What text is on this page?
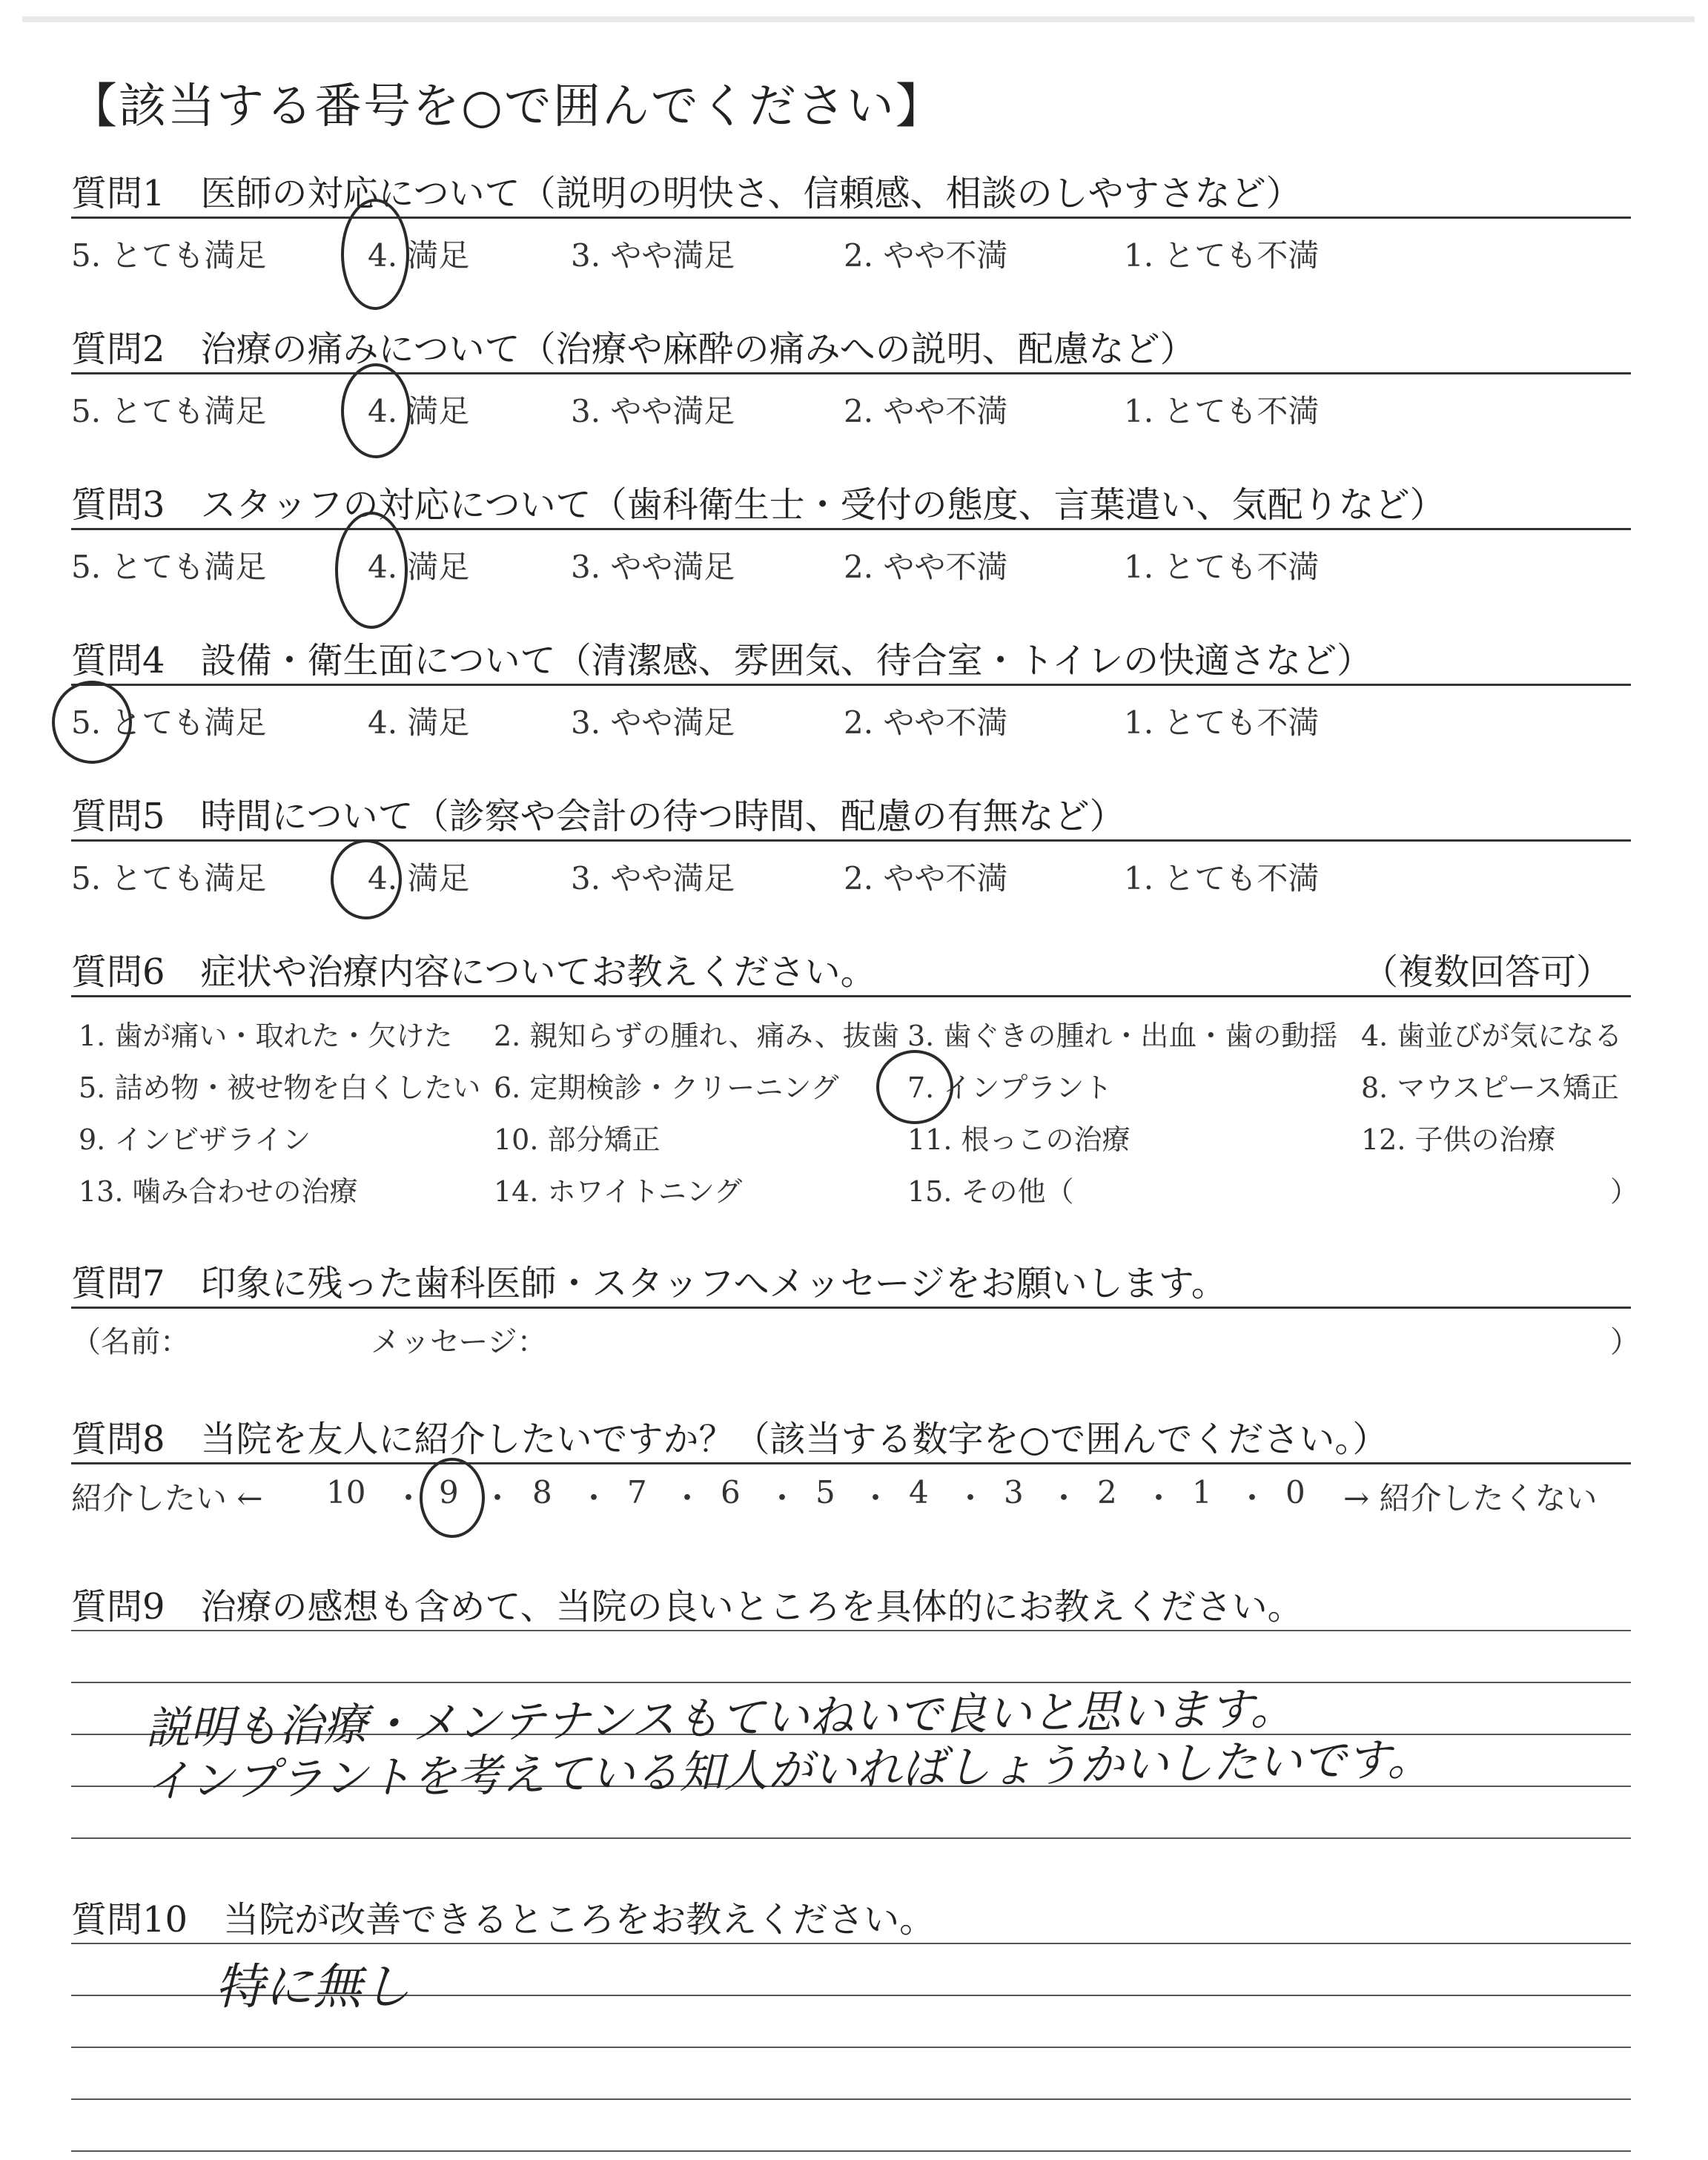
【該当する番号を○で囲んでください】
質問1　医師の対応について（説明の明快さ、信頼感、相談のしやすさなど）
5. とても満足	4. 満足	3. やや満足	2. やや不満	1. とても不満
質問2　治療の痛みについて（治療や麻酔の痛みへの説明、配慮など）
5. とても満足	4. 満足	3. やや満足	2. やや不満	1. とても不満
質問3　スタッフの対応について（歯科衛生士・受付の態度、言葉遣い、気配りなど）
5. とても満足	4. 満足	3. やや満足	2. やや不満	1. とても不満
質問4　設備・衛生面について（清潔感、雰囲気、待合室・トイレの快適さなど）
5. とても満足	4. 満足	3. やや満足	2. やや不満	1. とても不満
質問5　時間について（診察や会計の待つ時間、配慮の有無など）
5. とても満足	4. 満足	3. やや満足	2. やや不満	1. とても不満
質問6　症状や治療内容についてお教えください。	（複数回答可）
1. 歯が痛い・取れた・欠けた 2. 親知らずの腫れ、痛み、抜歯 3. 歯ぐきの腫れ・出血・歯の動揺 4. 歯並びが気になる
5. 詰め物・被せ物を白くしたい 6. 定期検診・クリーニング 7. インプラント	8. マウスピース矯正
9. インビザライン	10. 部分矯正	11. 根っこの治療	12. 子供の治療
13. 噛み合わせの治療	14. ホワイトニング	15. その他（	）
質問7　印象に残った歯科医師・スタッフへメッセージをお願いします。
（名前：	メッセージ：	）
質問8　当院を友人に紹介したいですか？（該当する数字を○で囲んでください。）
紹介したい ← 10 ・ 9 ・ 8 ・ 7 ・ 6 ・ 5 ・ 4 ・ 3 ・ 2 ・ 1 ・ 0 → 紹介したくない
質問9　治療の感想も含めて、当院の良いところを具体的にお教えください。
説明も治療・メンテナンスもていねいで良いと思います。
インプラントを考えている知人がいればしょうかいしたいです。
質問10　当院が改善できるところをお教えください。
特に無し
